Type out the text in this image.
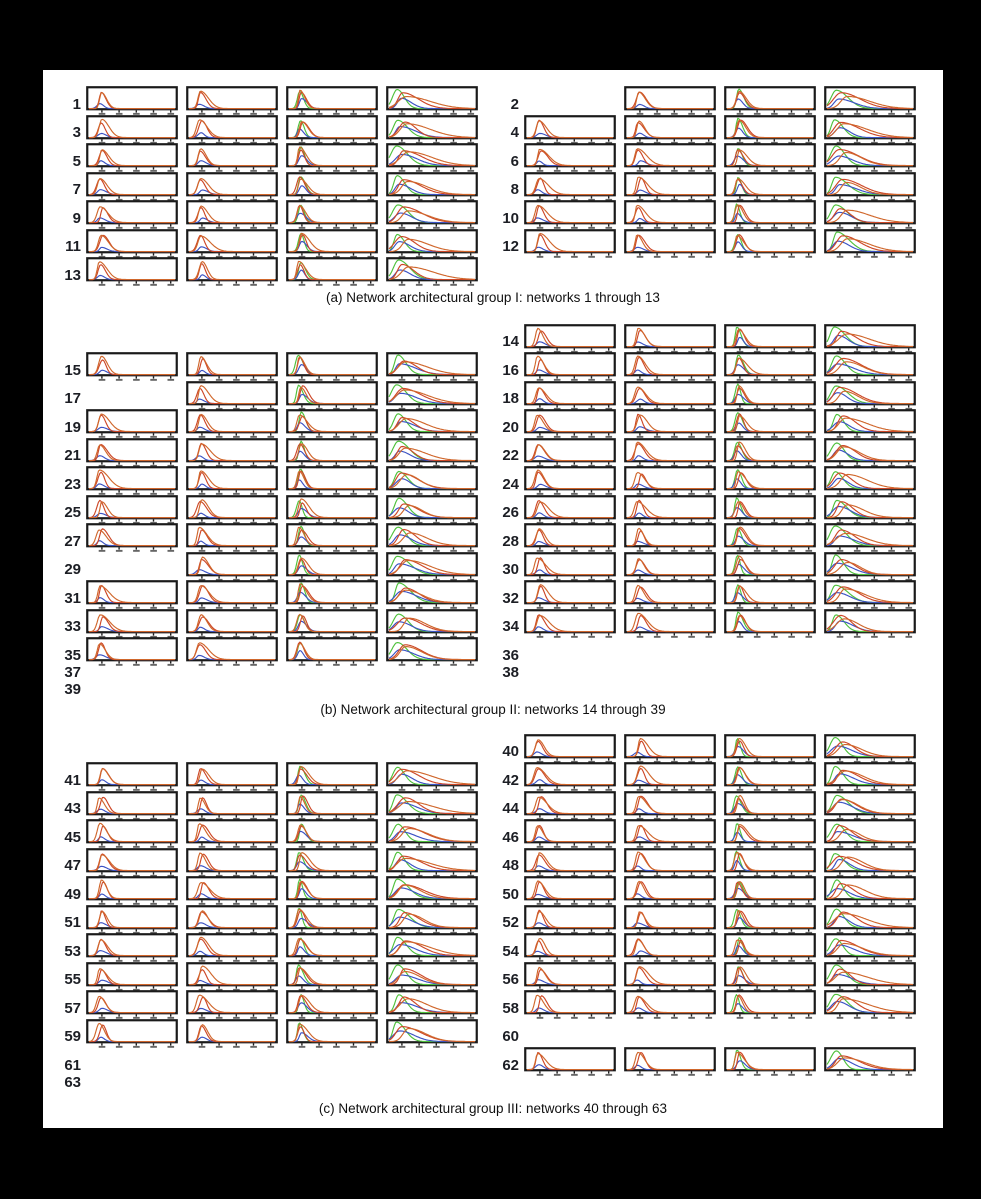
1	2
3	4
5	6
7	8
9	10
11	12
13
(a) Network architectural group I: networks 1 through 13
14
15	16
17	18
19	20
21	22
23	24
25	26
27	28
29	30
31	32
33	34
35	36
37	38
39
(b) Network architectural group II: networks 14 through 39
40
41	42
43	44
45	46
47	48
49	50
51	52
53	54
55	56
57	58
59	60
61	62
63
(c) Network architectural group III: networks 40 through 63
